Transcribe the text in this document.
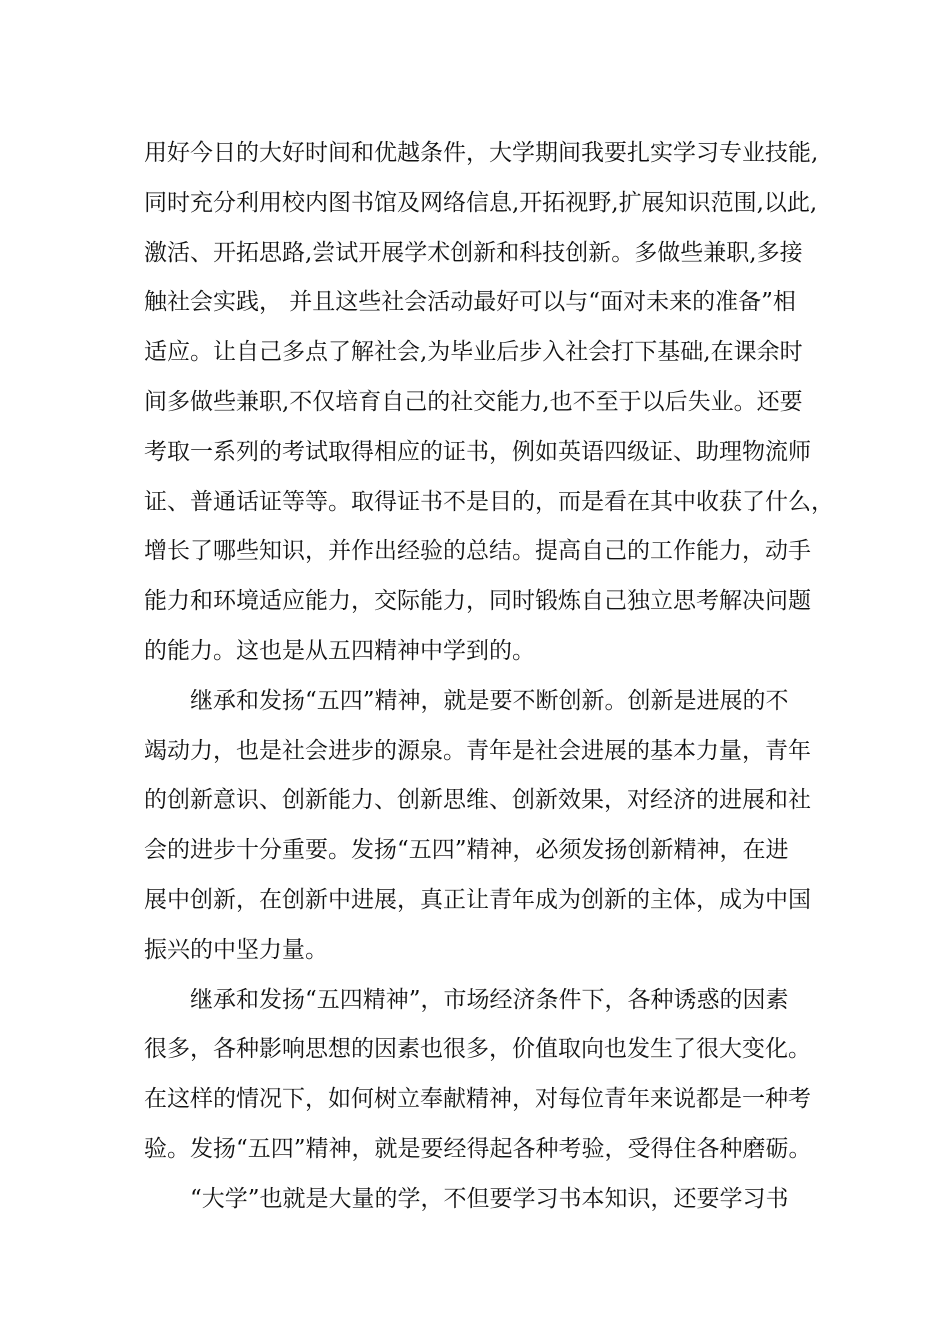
用好今日的大好时间和优越条件，大学期间我要扎实学习专业技能,
同时充分利用校内图书馆及网络信息,开拓视野,扩展知识范围,以此,
激活、开拓思路,尝试开展学术创新和科技创新。多做些兼职,多接
触社会实践， 并且这些社会活动最好可以与“面对未来的准备”相
适应。让自己多点了解社会,为毕业后步入社会打下基础,在课余时
间多做些兼职,不仅培育自己的社交能力,也不至于以后失业。还要
考取一系列的考试取得相应的证书，例如英语四级证、助理物流师
证、普通话证等等。取得证书不是目的，而是看在其中收获了什么，
增长了哪些知识，并作出经验的总结。提高自己的工作能力，动手
能力和环境适应能力，交际能力，同时锻炼自己独立思考解决问题
的能力。这也是从五四精神中学到的。
继承和发扬“五四”精神，就是要不断创新。创新是进展的不
竭动力，也是社会进步的源泉。青年是社会进展的基本力量，青年
的创新意识、创新能力、创新思维、创新效果，对经济的进展和社
会的进步十分重要。发扬“五四”精神，必须发扬创新精神，在进
展中创新，在创新中进展，真正让青年成为创新的主体，成为中国
振兴的中坚力量。
继承和发扬“五四精神”，市场经济条件下，各种诱惑的因素
很多，各种影响思想的因素也很多，价值取向也发生了很大变化。
在这样的情况下，如何树立奉献精神，对每位青年来说都是一种考
验。发扬“五四”精神，就是要经得起各种考验，受得住各种磨砺。
“大学”也就是大量的学，不但要学习书本知识，还要学习书
